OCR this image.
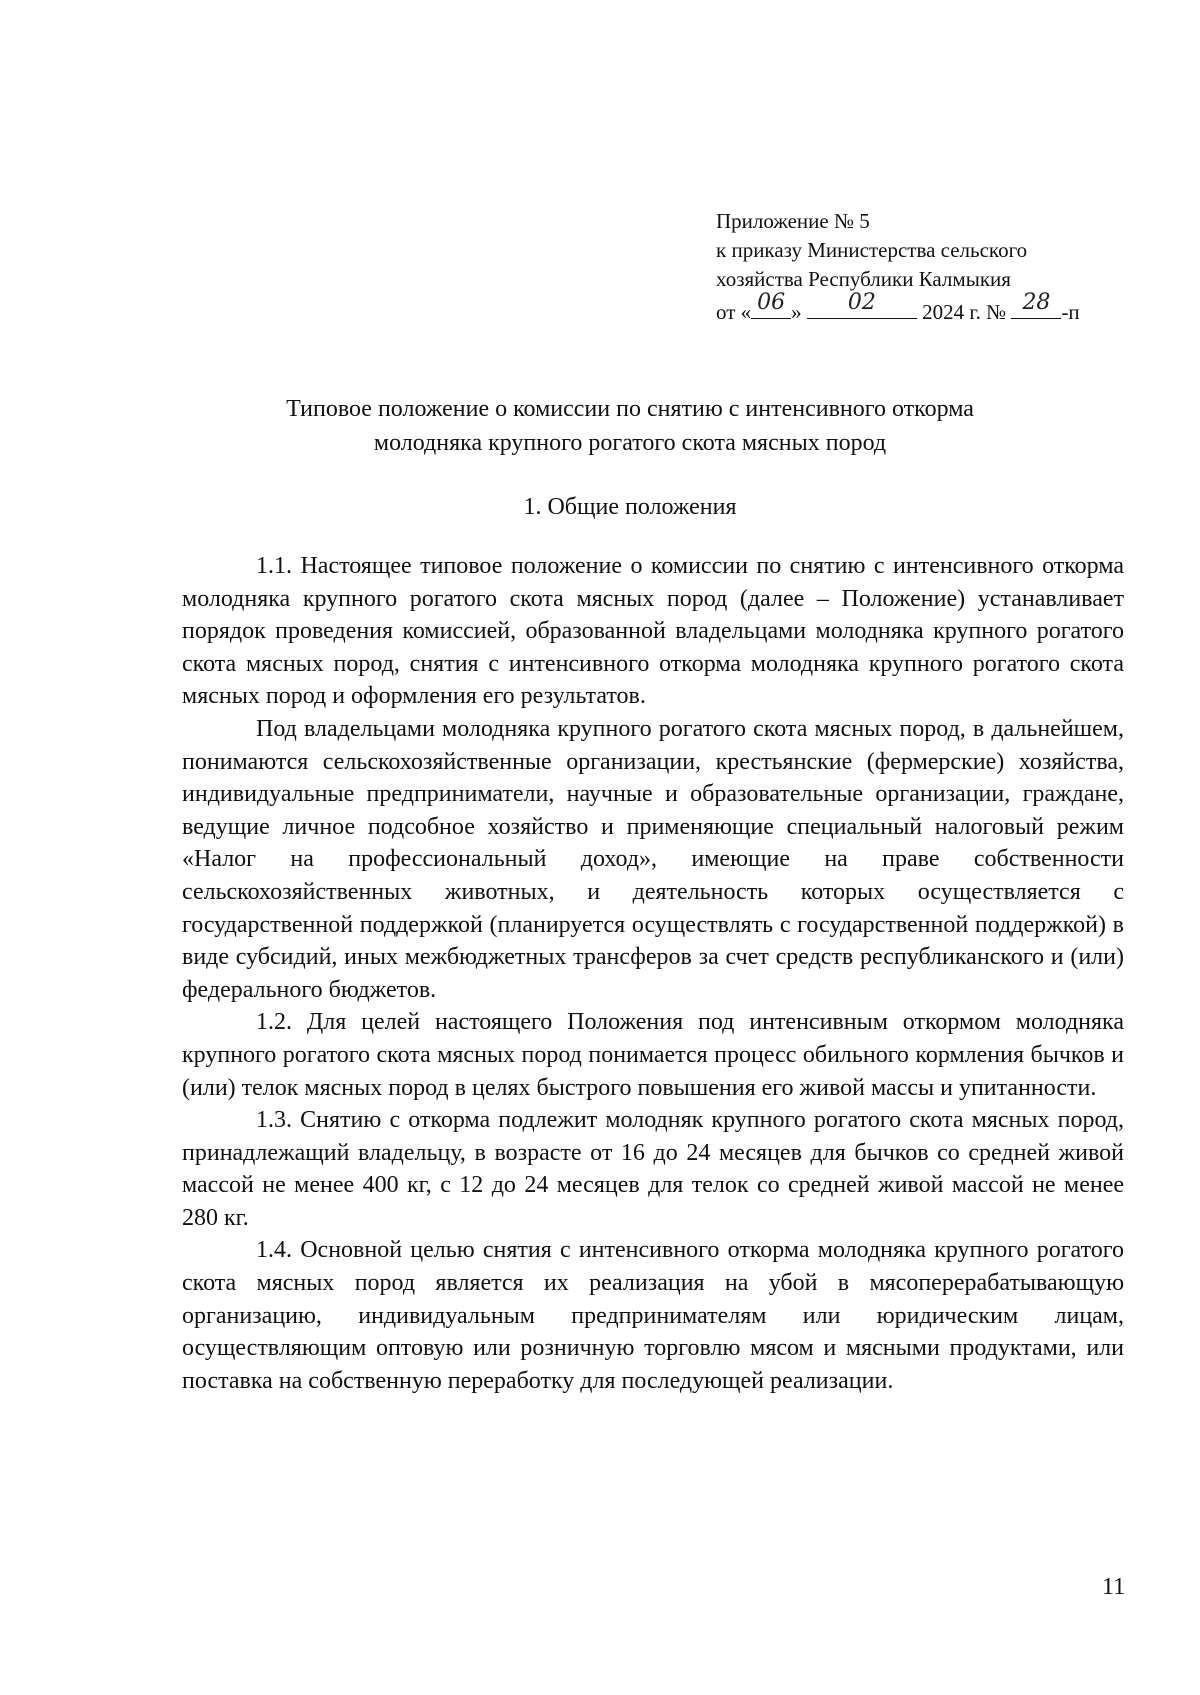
Приложение № 5
к приказу Министерства сельского
хозяйства Республики Калмыкия
от « 06 »	02	2024 г. № 28 -п
Типовое положение о комиссии по снятию с интенсивного откорма
молодняка крупного рогатого скота мясных пород
1. Общие положения

1.1. Настоящее типовое положение о комиссии по снятию с интенсивного откорма молодняка крупного рогатого скота мясных пород (далее – Положение) устанавливает порядок проведения комиссией, образованной владельцами молодняка крупного рогатого скота мясных пород, снятия с интенсивного откорма молодняка крупного рогатого скота мясных пород и оформления его результатов.

Под владельцами молодняка крупного рогатого скота мясных пород, в дальнейшем, понимаются сельскохозяйственные организации, крестьянские (фермерские) хозяйства, индивидуальные предприниматели, научные и образовательные организации, граждане, ведущие личное подсобное хозяйство и применяющие специальный налоговый режим «Налог на профессиональный доход», имеющие на праве собственности сельскохозяйственных животных, и деятельность которых осуществляется с государственной поддержкой (планируется осуществлять с государственной поддержкой) в виде субсидий, иных межбюджетных трансферов за счет средств республиканского и (или) федерального бюджетов.

1.2. Для целей настоящего Положения под интенсивным откормом молодняка крупного рогатого скота мясных пород понимается процесс обильного кормления бычков и (или) телок мясных пород в целях быстрого повышения его живой массы и упитанности.

1.3. Снятию с откорма подлежит молодняк крупного рогатого скота мясных пород, принадлежащий владельцу, в возрасте от 16 до 24 месяцев для бычков со средней живой массой не менее 400 кг, с 12 до 24 месяцев для телок со средней живой массой не менее 280 кг.

1.4. Основной целью снятия с интенсивного откорма молодняка крупного рогатого скота мясных пород является их реализация на убой в мясоперерабатывающую организацию, индивидуальным предпринимателям или юридическим лицам, осуществляющим оптовую или розничную торговлю мясом и мясными продуктами, или поставка на собственную переработку для последующей реализации.

11
